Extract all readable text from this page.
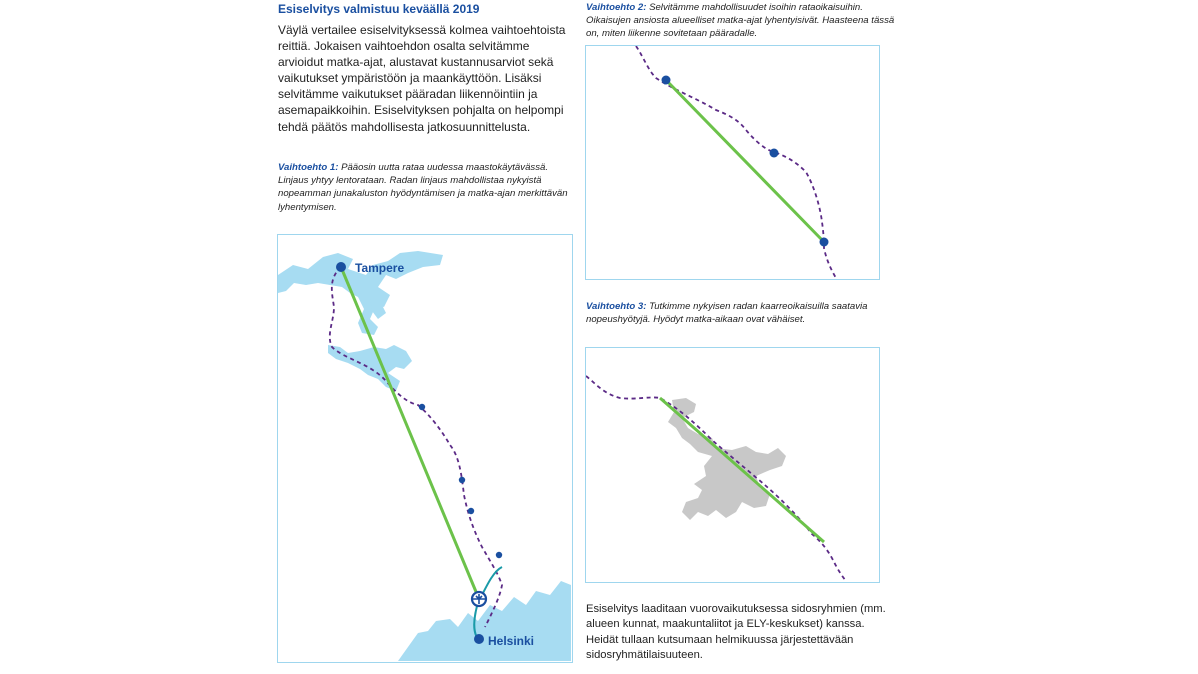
Esiselvitys valmistuu keväällä 2019

Väylä vertailee esiselvityksessä kolmea vaihtoehtoista reittiä. Jokaisen vaihtoehdon osalta selvitämme arvioidut matka-ajat, alustavat kustannusarviot sekä vaikutukset ympäristöön ja maankäyttöön. Lisäksi selvitämme vaikutukset pääradan liikennöintiin ja asemapaikkoihin. Esiselvityksen pohjalta on helpompi tehdä päätös mahdollisesta jatkosuunnittelusta.

Vaihtoehto 1: Pääosin uutta rataa uudessa maastokäytävässä. Linjaus yhtyy lentorataan. Radan linjaus mahdollistaa nykyistä nopeamman junakaluston hyödyntämisen ja matka-ajan merkittävän lyhentymisen.

Vaihtoehto 2: Selvitämme mahdollisuudet isoihin rataoikaisuihin. Oikaisujen ansiosta alueelliset matka-ajat lyhentyisivät. Haasteena tässä on, miten liikenne sovitetaan pääradalle.

Vaihtoehto 3: Tutkimme nykyisen radan kaarreoikaisuilla saatavia nopeushyötyjä. Hyödyt matka-aikaan ovat vähäiset.

Tampere
Helsinki

Esiselvitys laaditaan vuorovaikutuksessa sidosryhmien (mm. alueen kunnat, maakuntaliitot ja ELY-keskukset) kanssa. Heidät tullaan kutsumaan helmikuussa järjestettävään sidosryhmätilaisuuteen.
